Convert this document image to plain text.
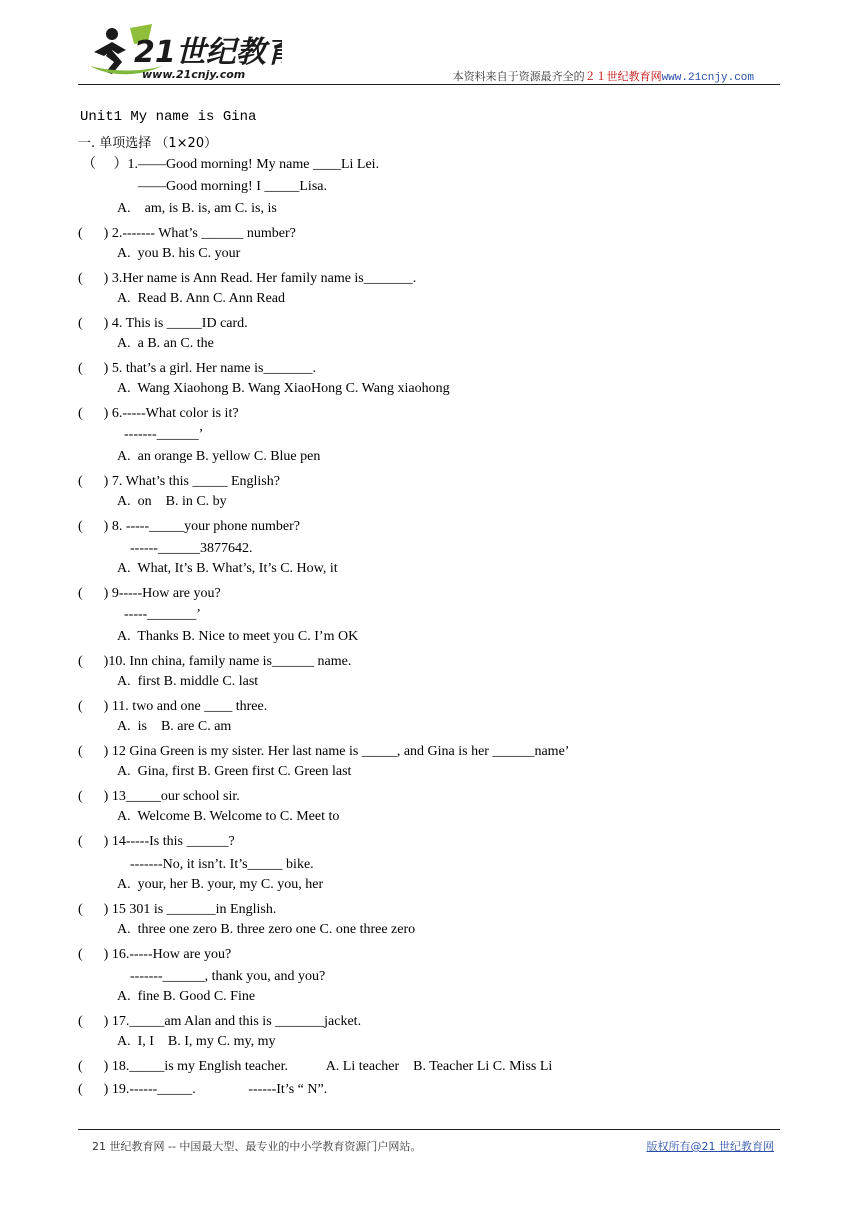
21世纪教育
www.21cnjy.com	本资料来自于资源最齐全的２１世纪教育网www.21cnjy.com
Unit1 My name is Gina
一. 单项选择 （1×20）
（     ）1.——Good morning! My name ____Li Lei.
——Good morning! I _____Lisa.
A.    am, is B. is, am C. is, is
(      ) 2.------- What’s ______ number?
A.  you B. his C. your
(      ) 3.Her name is Ann Read. Her family name is_______.
A.  Read B. Ann C. Ann Read
(      ) 4. This is _____ID card.
A.  a B. an C. the
(      ) 5. that’s a girl. Her name is_______.
A.  Wang Xiaohong B. Wang XiaoHong C. Wang xiaohong
(      ) 6.-----What color is it?
-------______’
A.  an orange B. yellow C. Blue pen
(      ) 7. What’s this _____ English?
A.  on    B. in C. by
(      ) 8. -----_____your phone number?
------______3877642.
A.  What, It’s B. What’s, It’s C. How, it
(      ) 9-----How are you?
-----_______’
A.  Thanks B. Nice to meet you C. I’m OK
(      )10. Inn china, family name is______ name.
A.  first B. middle C. last
(      ) 11. two and one ____ three.
A.  is    B. are C. am
(      ) 12 Gina Green is my sister. Her last name is _____, and Gina is her ______name’
A.  Gina, first B. Green first C. Green last
(      ) 13_____our school sir.
A.  Welcome B. Welcome to C. Meet to
(      ) 14-----Is this ______?
-------No, it isn’t. It’s_____ bike.
A.  your, her B. your, my C. you, her
(      ) 15 301 is _______in English.
A.  three one zero B. three zero one C. one three zero
(      ) 16.-----How are you?
-------______, thank you, and you?
A.  fine B. Good C. Fine
(      ) 17._____am Alan and this is _______jacket.
A.  I, I    B. I, my C. my, my
(      ) 18._____is my English teacher.           A. Li teacher    B. Teacher Li C. Miss Li
(      ) 19.------_____.               ------It’s “ N”.
21 世纪教育网 -- 中国最大型、最专业的中小学教育资源门户网站。	版权所有@21 世纪教育网
